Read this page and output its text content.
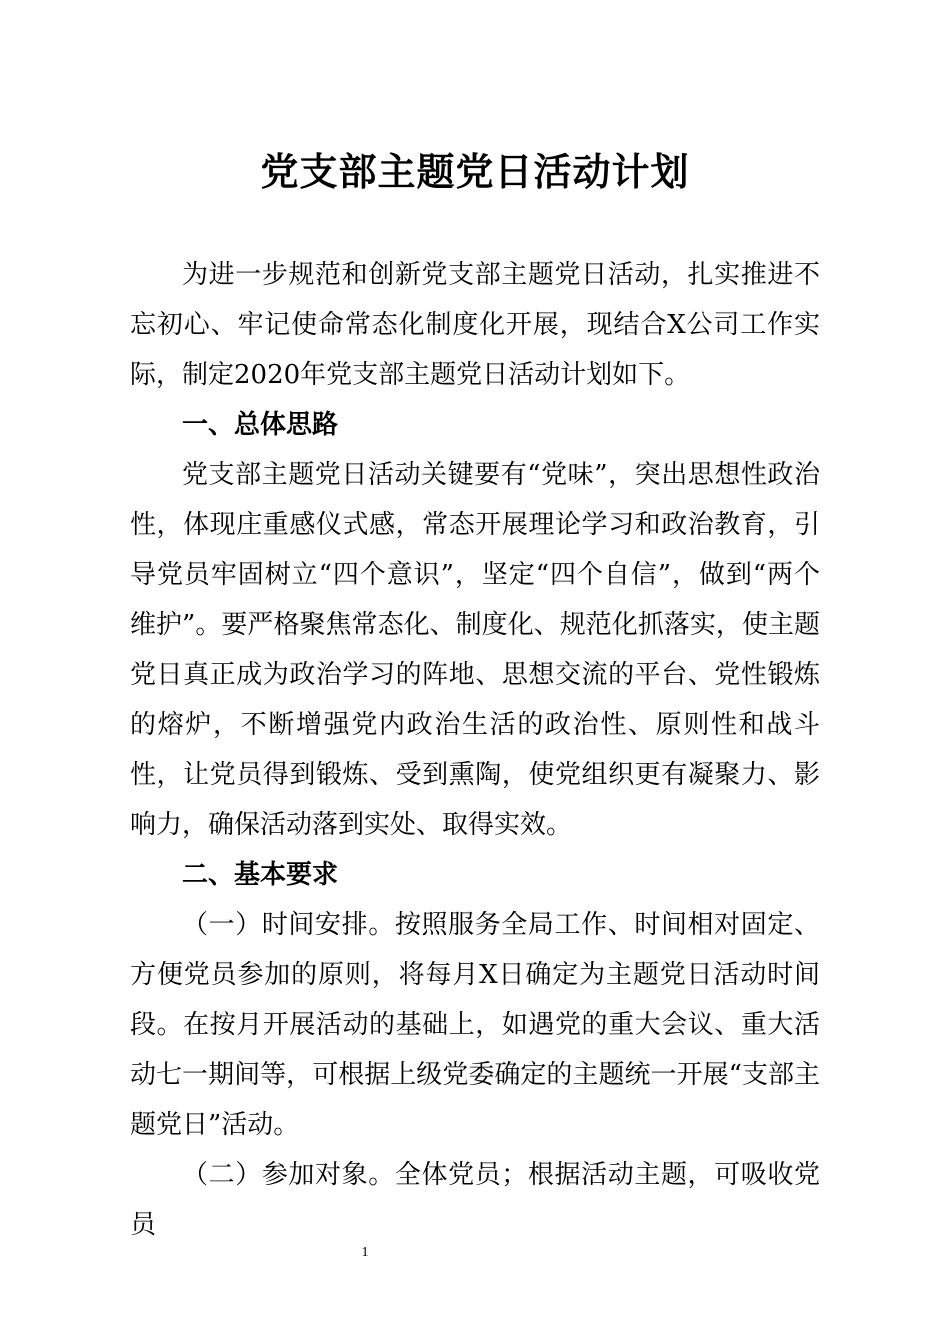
党支部主题党日活动计划

为进一步规范和创新党支部主题党日活动，扎实推进不忘初心、牢记使命常态化制度化开展，现结合X公司工作实际，制定2020年党支部主题党日活动计划如下。

一、总体思路

党支部主题党日活动关键要有“党味”，突出思想性政治性，体现庄重感仪式感，常态开展理论学习和政治教育，引导党员牢固树立“四个意识”，坚定“四个自信”，做到“两个维护”。要严格聚焦常态化、制度化、规范化抓落实，使主题党日真正成为政治学习的阵地、思想交流的平台、党性锻炼的熔炉，不断增强党内政治生活的政治性、原则性和战斗性，让党员得到锻炼、受到熏陶，使党组织更有凝聚力、影响力，确保活动落到实处、取得实效。

二、基本要求

（一）时间安排。按照服务全局工作、时间相对固定、方便党员参加的原则，将每月X日确定为主题党日活动时间段。在按月开展活动的基础上，如遇党的重大会议、重大活动七一期间等，可根据上级党委确定的主题统一开展“支部主题党日”活动。

（二）参加对象。全体党员；根据活动主题，可吸收党员

1
